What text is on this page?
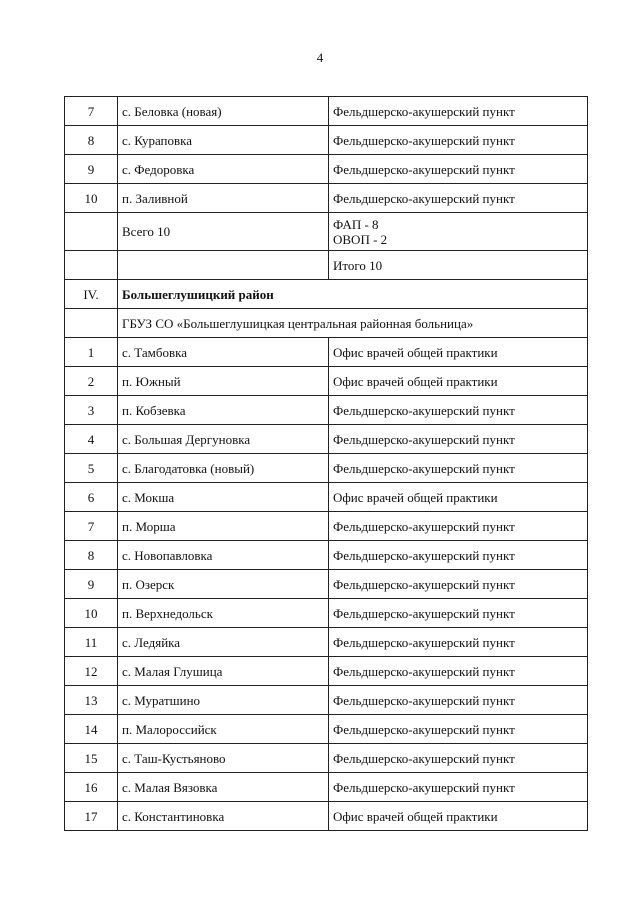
4
7	с. Беловка (новая)	Фельдшерско-акушерский пункт
8	с. Кураповка	Фельдшерско-акушерский пункт
9	с. Федоровка	Фельдшерско-акушерский пункт
10	п. Заливной	Фельдшерско-акушерский пункт
	Всего 10	ФАП - 8
ОВОП - 2

		Итого 10
IV.	Большеглушицкий район	
	ГБУЗ СО «Большеглушицкая центральная районная больница»	
1	с. Тамбовка	Офис врачей общей практики
2	п. Южный	Офис врачей общей практики
3	п. Кобзевка	Фельдшерско-акушерский пункт
4	с. Большая Дергуновка	Фельдшерско-акушерский пункт
5	с. Благодатовка (новый)	Фельдшерско-акушерский пункт
6	с. Мокша	Офис врачей общей практики
7	п. Морша	Фельдшерско-акушерский пункт
8	с. Новопавловка	Фельдшерско-акушерский пункт
9	п. Озерск	Фельдшерско-акушерский пункт
10	п. Верхнедольск	Фельдшерско-акушерский пункт
11	с. Ледяйка	Фельдшерско-акушерский пункт
12	с. Малая Глушица	Фельдшерско-акушерский пункт
13	с. Муратшино	Фельдшерско-акушерский пункт
14	п. Малороссийск	Фельдшерско-акушерский пункт
15	с. Таш-Кустьяново	Фельдшерско-акушерский пункт
16	с. Малая Вязовка	Фельдшерско-акушерский пункт
17	с. Константиновка	Офис врачей общей практики
